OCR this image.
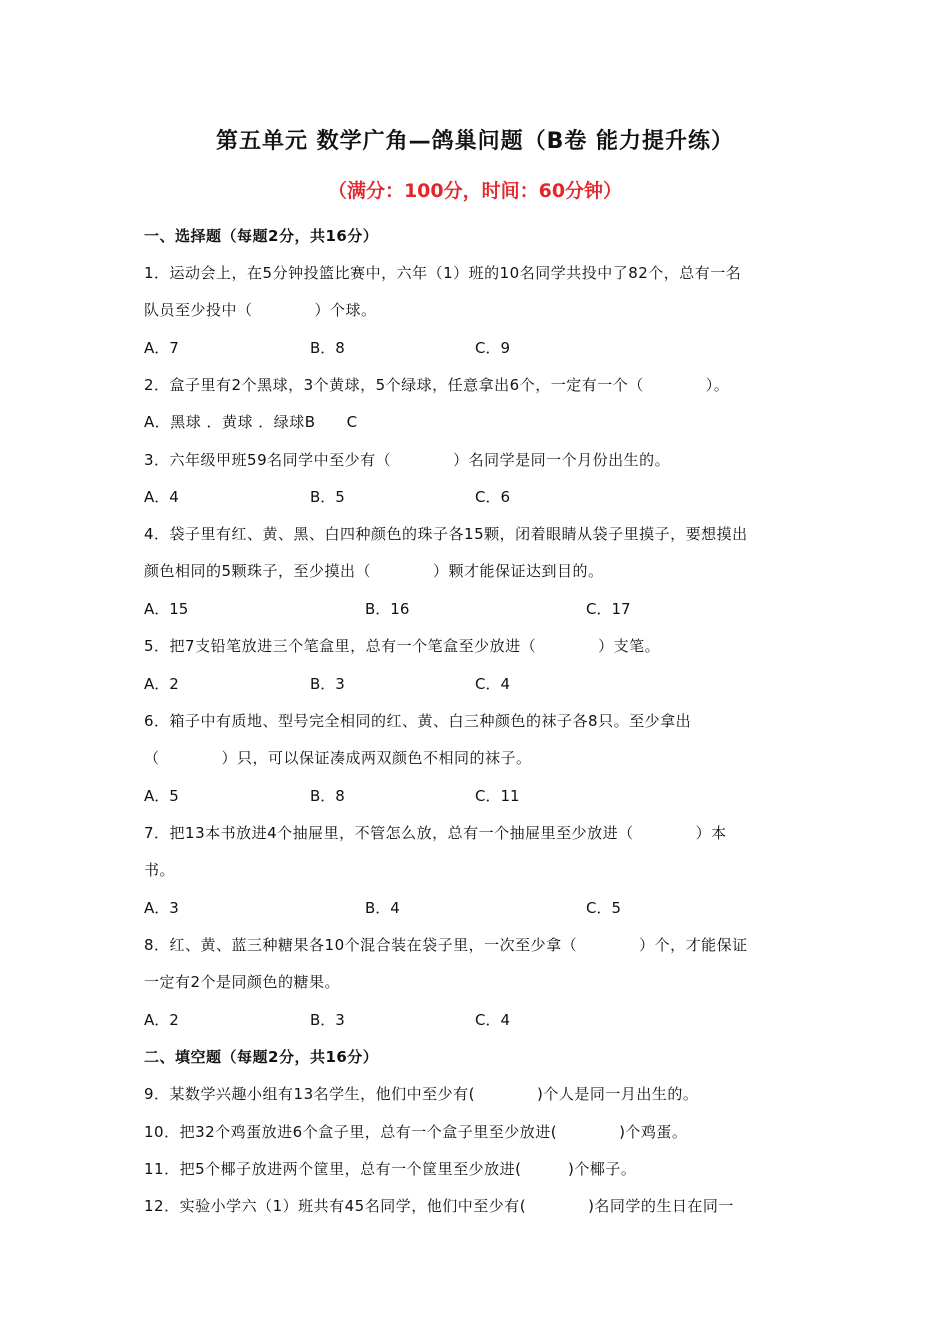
第五单元 数学广角—鸽巢问题（B卷 能力提升练）
（满分：100分，时间：60分钟）
一、选择题（每题2分，共16分）
1．运动会上，在5分钟投篮比赛中，六年（1）班的10名同学共投中了82个，总有一名
队员至少投中（　　　　）个球。
A．7	B．8	C．9
2．盒子里有2个黑球，3个黄球，5个绿球，任意拿出6个，一定有一个（　　　　）。
A．黑球 ．黄球 ．绿球B　　C
3．六年级甲班59名同学中至少有（　　　　）名同学是同一个月份出生的。
A．4	B．5	C．6
4．袋子里有红、黄、黑、白四种颜色的珠子各15颗，闭着眼睛从袋子里摸子，要想摸出
颜色相同的5颗珠子，至少摸出（　　　　）颗才能保证达到目的。
A．15	B．16	C．17
5．把7支铅笔放进三个笔盒里，总有一个笔盒至少放进（　　　　）支笔。
A．2	B．3	C．4
6．箱子中有质地、型号完全相同的红、黄、白三种颜色的袜子各8只。至少拿出
（　　　　）只，可以保证凑成两双颜色不相同的袜子。
A．5	B．8	C．11
7．把13本书放进4个抽屉里，不管怎么放，总有一个抽屉里至少放进（　　　　）本
书。
A．3	B．4	C．5
8．红、黄、蓝三种糖果各10个混合装在袋子里，一次至少拿（　　　　）个，才能保证
一定有2个是同颜色的糖果。
A．2	B．3	C．4
二、填空题（每题2分，共16分）
9．某数学兴趣小组有13名学生，他们中至少有(　　　　)个人是同一月出生的。
10．把32个鸡蛋放进6个盒子里，总有一个盒子里至少放进(　　　　)个鸡蛋。
11．把5个椰子放进两个筐里，总有一个筐里至少放进(　　　)个椰子。
12．实验小学六（1）班共有45名同学，他们中至少有(　　　　)名同学的生日在同一
